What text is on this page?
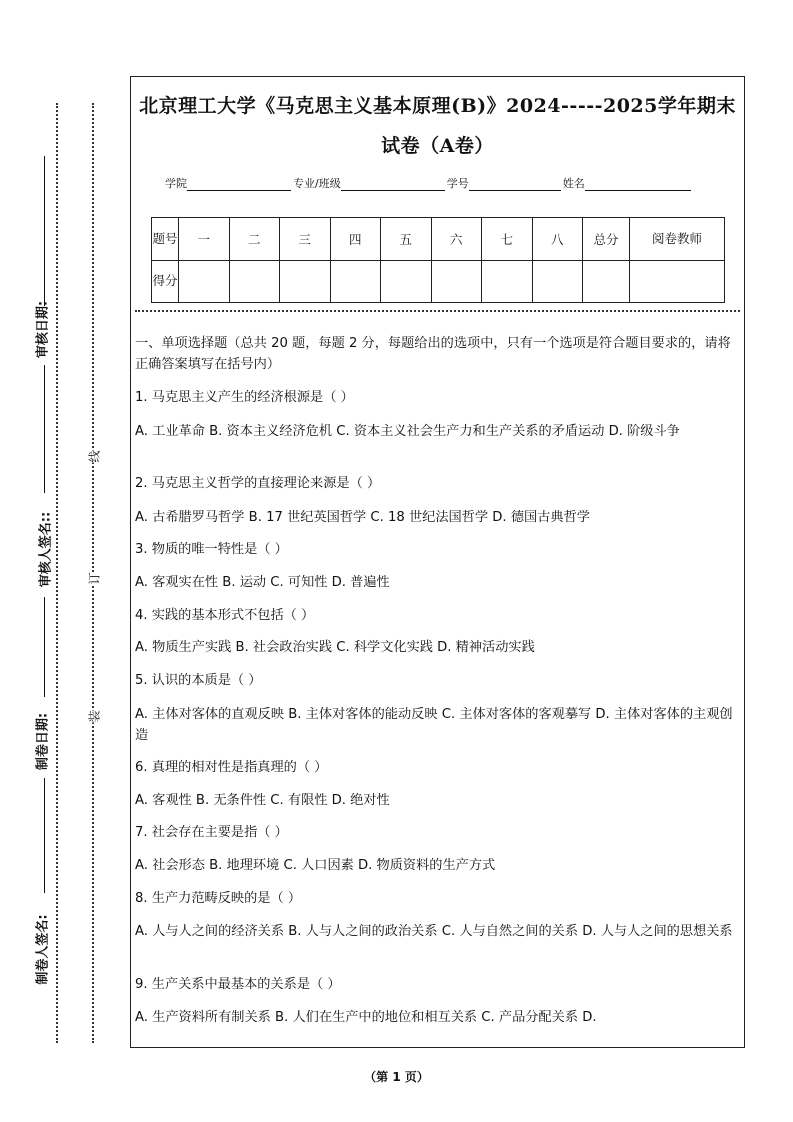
审核日期:
审核人签名::
制卷日期:
制卷人签名:
线
订
装
北京理工大学《马克思主义基本原理(B)》2024-----2025学年期末
试卷（A卷）
学院	专业/班级	学号	姓名
题号	一	二	三	四	五	六	七	八	总分	阅卷教师
得分										
一、单项选择题（总共 20 题，每题 2 分，每题给出的选项中，只有一个选项是符合题目要求的，请将正确答案填写在括号内）
1. 马克思主义产生的经济根源是（ ）
A. 工业革命 B. 资本主义经济危机 C. 资本主义社会生产力和生产关系的矛盾运动 D. 阶级斗争
2. 马克思主义哲学的直接理论来源是（ ）
A. 古希腊罗马哲学 B. 17 世纪英国哲学 C. 18 世纪法国哲学 D. 德国古典哲学
3. 物质的唯一特性是（ ）
A. 客观实在性 B. 运动 C. 可知性 D. 普遍性
4. 实践的基本形式不包括（ ）
A. 物质生产实践 B. 社会政治实践 C. 科学文化实践 D. 精神活动实践
5. 认识的本质是（ ）
A. 主体对客体的直观反映 B. 主体对客体的能动反映 C. 主体对客体的客观摹写 D. 主体对客体的主观创造
6. 真理的相对性是指真理的（ ）
A. 客观性 B. 无条件性 C. 有限性 D. 绝对性
7. 社会存在主要是指（ ）
A. 社会形态 B. 地理环境 C. 人口因素 D. 物质资料的生产方式
8. 生产力范畴反映的是（ ）
A. 人与人之间的经济关系 B. 人与人之间的政治关系 C. 人与自然之间的关系 D. 人与人之间的思想关系
9. 生产关系中最基本的关系是（ ）
A. 生产资料所有制关系 B. 人们在生产中的地位和相互关系 C. 产品分配关系 D.
（第 1 页）
